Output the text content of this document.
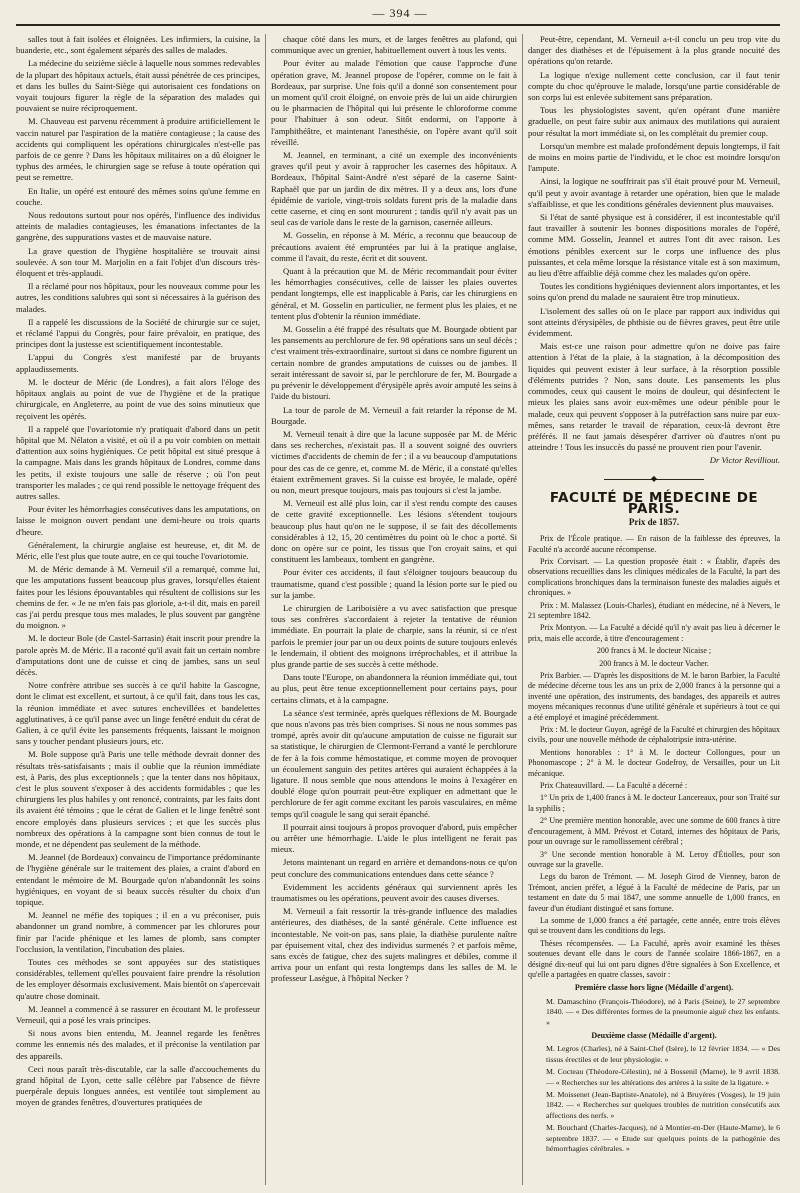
— 394 —

salles tout à fait isolées et éloignées. Les infirmiers, la cuisine, la buanderie, etc., sont également séparés des salles de malades.

La médecine du seizième siècle à laquelle nous sommes redevables de la plupart des hôpitaux actuels, était aussi pénétrée de ces principes, et dans les bulles du Saint-Siège qui autorisaient ces fondations on voyait toujours figurer la règle de la séparation des malades qui pouvaient se nuire réciproquement.

M. Chauveau est parvenu récemment à produire artificiellement le vaccin naturel par l'aspiration de la matière contagieuse ; la cause des accidents qui compliquent les opérations chirurgicales n'est-elle pas parfois de ce genre ? Dans les hôpitaux militaires on a dû éloigner le typhus des armées, le chirurgien sage se refuse à toute opération qui peut se remettre.

En Italie, un opéré est entouré des mêmes soins qu'une femme en couche.

Nous redoutons surtout pour nos opérés, l'influence des individus atteints de maladies contagieuses, les émanations infectantes de la gangrène, des suppurations vastes et de mauvaise nature.

La grave question de l'hygiène hospitalière se trouvait ainsi soulevée. A son tour M. Marjolin en a fait l'objet d'un discours très-éloquent et très-applaudi.

Il a réclamé pour nos hôpitaux, pour les nouveaux comme pour les autres, les conditions salubres qui sont si nécessaires à la guérison des malades.

Il a rappelé les discussions de la Société de chirurgie sur ce sujet, et réclamé l'appui du Congrès, pour faire prévaloir, en pratique, des principes dont la justesse est scientifiquement incontestable.

L'appui du Congrès s'est manifesté par de bruyants applaudissements.

M. le docteur de Méric (de Londres), a fait alors l'éloge des hôpitaux anglais au point de vue de l'hygiène et de la pratique chirurgicale, en Angleterre, au point de vue des soins minutieux que reçoivent les opérés.

Il a rappelé que l'ovariotomie n'y pratiquait d'abord dans un petit hôpital que M. Nélaton a visité, et où il a pu voir combien on mettait d'attention aux soins hygiéniques. Ce petit hôpital est situé presque à la campagne. Mais dans les grands hôpitaux de Londres, comme dans les petits, il existe toujours une salle de réserve ; où l'on peut transporter les malades ; ce qui rend possible le nettoyage fréquent des autres salles.

Pour éviter les hémorrhagies consécutives dans les amputations, on laisse le moignon ouvert pendant une demi-heure ou trois quarts d'heure.

Généralement, la chirurgie anglaise est heureuse, et, dit M. de Méric, elle l'est plus que toute autre, en ce qui touche l'ovariotomie.

M. de Méric demande à M. Verneuil s'il a remarqué, comme lui, que les amputations fussent beaucoup plus graves, lorsqu'elles étaient faites pour les lésions épouvantables qui résultent de collisions sur les chemins de fer. « Je ne m'en fais pas gloriole, a-t-il dit, mais en pareil cas j'ai perdu presque tous mes malades, le plus souvent par gangrène du moignon. »

M. le docteur Bole (de Castel-Sarrasin) était inscrit pour prendre la parole après M. de Méric. Il a raconté qu'il avait fait un certain nombre d'amputations dont une de cuisse et cinq de jambes, sans un seul décès.

Notre confrère attribue ses succès à ce qu'il habite la Gascogne, dont le climat est excellent, et surtout, à ce qu'il fait, dans tous les cas, la réunion immédiate et avec sutures enchevillées et bandelettes agglutinatives, à ce qu'il panse avec un linge fenêtré enduit du cérat de Galien, à ce qu'il évite les pansements fréquents, laissant le moignon sans y toucher pendant plusieurs jours, etc.

M. Bole suppose qu'à Paris une telle méthode devrait donner des résultats très-satisfaisants ; mais il oublie que la réunion immédiate est, à Paris, des plus exceptionnels ; que la tenter dans nos hôpitaux, c'est le plus souvent s'exposer à des accidents formidables ; que les chirurgiens les plus habiles y ont renoncé, contraints, par les faits dont ils avaient été témoins ; que le cérat de Galien et le linge fenêtré sont encore employés dans plusieurs services ; et que les succès plus nombreux des opérations à la campagne sont bien connus de tout le monde, et ne dépendent pas seulement de la méthode.

M. Jeannel (de Bordeaux) convaincu de l'importance prédominante de l'hygiène générale sur le traitement des plaies, a craint d'abord en entendant le mémoire de M. Bourgade qu'on n'abandonnât les soins hygiéniques, en voyant de si beaux succès résulter du choix d'un topique.

M. Jeannel ne méfie des topiques ; il en a vu préconiser, puis abandonner un grand nombre, à commencer par les chlorures pour finir par l'acide phénique et les lames de plomb, sans compter l'occlusion, la ventilation, l'incubation des plaies.

Toutes ces méthodes se sont appuyées sur des statistiques considérables, tellement qu'elles pouvaient faire prendre la résolution de les employer désormais exclusivement. Mais bientôt on s'apercevait qu'autre chose dominait.

M. Jeannel a commencé à se rassurer en écoutant M. le professeur Verneuil, qui a posé les vrais principes.

Si nous avons bien entendu, M. Jeannel regarde les fenêtres comme les ennemis nés des malades, et il préconise la ventilation par des appareils.

Ceci nous paraît très-discutable, car la salle d'accouchements du grand hôpital de Lyon, cette salle célèbre par l'absence de fièvre puerpérale depuis longues années, est ventilée tout simplement au moyen de grandes fenêtres, d'ouvertures pratiquées de

chaque côté dans les murs, et de larges fenêtres au plafond, qui communique avec un grenier, habituellement ouvert à tous les vents.

Pour éviter au malade l'émotion que cause l'approche d'une opération grave, M. Jeannel propose de l'opérer, comme on le fait à Bordeaux, par surprise. Une fois qu'il a donné son consentement pour un moment qu'il croit éloigné, on envoie près de lui un aide chirurgien ou le pharmacien de l'hôpital qui lui présente le chloroforme comme pour l'habituer à son odeur. Sitôt endormi, on l'apporte à l'amphithéâtre, et maintenant l'anesthésie, on l'opère avant qu'il soit réveillé.

M. Jeannel, en terminant, a cité un exemple des inconvénients graves qu'il peut y avoir à rapprocher les casernes des hôpitaux. A Bordeaux, l'hôpital Saint-André n'est séparé de la caserne Saint-Raphaël que par un jardin de dix mètres. Il y a deux ans, lors d'une épidémie de variole, vingt-trois soldats furent pris de la maladie dans cette caserne, et cinq en sont moururent ; tandis qu'il n'y avait pas un seul cas de variole dans le reste de la garnison, casernée ailleurs.

M. Gosselin, en réponse à M. Méric, a reconnu que beaucoup de précautions avaient été empruntées par lui à la pratique anglaise, comme il l'avait, du reste, écrit et dit souvent.

Quant à la précaution que M. de Méric recommandait pour éviter les hémorrhagies consécutives, celle de laisser les plaies ouvertes pendant longtemps, elle est inapplicable à Paris, car les chirurgiens en général, et M. Gosselin en particulier, ne ferment plus les plaies, et ne tentent plus d'obtenir la réunion immédiate.

M. Gosselin a été frappé des résultats que M. Bourgade obtient par les pansements au perchlorure de fer. 98 opérations sans un seul décès ; c'est vraiment très-extraordinaire, surtout si dans ce nombre figurent un certain nombre de grandes amputations de cuisses ou de jambes. Il serait intéressant de savoir si, par le perchlorure de fer, M. Bourgade a pu prévenir le développement d'érysipèle après avoir amputé les seins à l'aide du bistouri.

La tour de parole de M. Verneuil a fait retarder la réponse de M. Bourgade.

M. Verneuil tenait à dire que la lacune supposée par M. de Méric dans ses recherches, n'existait pas. Il a souvent soigné des ouvriers victimes d'accidents de chemin de fer ; il a vu beaucoup d'amputations pour des cas de ce genre, et, comme M. de Méric, il a constaté qu'elles étaient extrêmement graves. Si la cuisse est broyée, le malade, opéré ou non, meurt presque toujours, mais pas toujours si c'est la jambe.

M. Verneuil est allé plus loin, car il s'est rendu compte des causes de cette gravité exceptionnelle. Les lésions s'étendent toujours beaucoup plus haut qu'on ne le suppose, il se fait des décollements considérables à 12, 15, 20 centimètres du point où le choc a porté. Si donc on opère sur ce point, les tissus que l'on croyait sains, et qui constituent les lambeaux, tombent en gangrène.

Pour éviter ces accidents, il faut s'éloigner toujours beaucoup du traumatisme, quand c'est possible ; quand la lésion porte sur le pied ou sur la jambe.

Le chirurgien de Lariboisière a vu avec satisfaction que presque tous ses confrères s'accordaient à rejeter la tentative de réunion immédiate. En pourrait la plaie de charpie, sans la réunir, si ce n'est parfois le premier jour par un ou deux points de suture toujours enlevés le lendemain, il obtient des moignons irréprochables, et il attribue la plus grande partie de ses succès à cette méthode.

Dans toute l'Europe, on abandonnera la réunion immédiate qui, tout au plus, peut être tenue exceptionnellement pour certains pays, pour certains climats, et à la campagne.

La séance s'est terminée, après quelques réflexions de M. Bourgade que nous n'avons pas très bien comprises. Si nous ne nous sommes pas trompé, après avoir dit qu'aucune amputation de cuisse ne figurait sur sa statistique, le chirurgien de Clermont-Ferrand a vanté le perchlorure de fer à la fois comme hémostatique, et comme moyen de provoquer un écoulement sanguin des petites artères qui auraient échappées à la ligature. Il nous semble que nous attendons le moins à l'exagérer en doublé éloge qu'on pourrait peut-être expliquer en admettant que le perchlorure de fer agit comme excitant les parois vasculaires, en même temps qu'il coagule le sang qui serait épanché.

Il pourrait ainsi toujours à propos provoquer d'abord, puis empêcher ou arrêter une hémorrhagie. L'aide le plus intelligent ne ferait pas mieux.

Jetons maintenant un regard en arrière et demandons-nous ce qu'on peut conclure des communications entendues dans cette séance ?

Evidemment les accidents généraux qui surviennent après les traumatismes ou les opérations, peuvent avoir des causes diverses.

M. Verneuil a fait ressortir la très-grande influence des maladies antérieures, des diathèses, de la santé générale. Cette influence est incontestable. Ne voit-on pas, sans plaie, la diathèse purulente naître par épuisement vital, chez des individus surmenés ? et parfois même, sans excès de fatigue, chez des sujets malingres et débiles, comme il arriva pour un enfant qui resta longtemps dans les salles de M. le professeur Laségue, à l'hôpital Necker ?

Peut-être, cependant, M. Verneuil a-t-il conclu un peu trop vite du danger des diathèses et de l'épuisement à la plus grande nocuité des opérations qu'on retarde.

La logique n'exige nullement cette conclusion, car il faut tenir compte du choc qu'éprouve le malade, lorsqu'une partie considérable de son corps lui est enlevée subitement sans préparation.

Tous les physiologistes savent, qu'en opérant d'une manière graduelle, on peut faire subir aux animaux des mutilations qui auraient pour résultat la mort immédiate si, on les complétait du premier coup.

Lorsqu'un membre est malade profondément depuis longtemps, il fait de moins en moins partie de l'individu, et le choc est moindre lorsqu'on l'ampute.

Ainsi, la logique ne souffrirait pas s'il était prouvé pour M. Verneuil, qu'il peut y avoir avantage à retarder une opération, bien que le malade s'affaiblisse, et que les conditions générales deviennent plus mauvaises.

Si l'état de santé physique est à considérer, il est incontestable qu'il faut travailler à soutenir les bonnes dispositions morales de l'opéré, comme MM. Gosselin, Jeannel et autres l'ont dit avec raison. Les émotions pénibles exercent sur le corps une influence des plus puissantes, et cela même lorsque la résistance vitale est à son maximum, au lieu d'être affaiblie déjà comme chez les malades qu'on opère.

Toutes les conditions hygiéniques deviennent alors importantes, et les soins qu'on prend du malade ne sauraient être trop minutieux.

L'isolement des salles où on le place par rapport aux individus qui sont atteints d'érysipèles, de phthisie ou de fièvres graves, peut être utile évidemment.

Mais est-ce une raison pour admettre qu'on ne doive pas faire attention à l'état de la plaie, à la stagnation, à la décomposition des liquides qui peuvent exister à leur surface, à la résorption possible d'éléments putrides ? Non, sans doute. Les pansements les plus commodes, ceux qui causent le moins de douleur, qui désinfectent le mieux les plaies sans avoir eux-mêmes une odeur pénible pour le malade, ceux qui peuvent s'opposer à la putréfaction sans nuire par eux-mêmes, sans retarder le travail de réparation, ceux-là devront être préférés. Il ne faut jamais désespérer d'arriver où d'autres n'ont pu atteindre ! Tous les insuccès du passé ne prouvent rien pour l'avenir.

Dr Victor Revilliout.

◆
FACULTÉ DE MÉDECINE DE PARIS.
Prix de 1857.

Prix de l'École pratique. — En raison de la faiblesse des épreuves, la Faculté n'a accordé aucune récompense.

Prix Corvisart. — La question proposée était : « Établir, d'après des observations recueillies dans les cliniques médicales de la Faculté, la part des complications bronchiques dans la terminaison funeste des maladies aiguës et chroniques. »

Prix : M. Malassez (Louis-Charles), étudiant en médecine, né à Nevers, le 21 septembre 1842.

Prix Montyon. — La Faculté a décidé qu'il n'y avait pas lieu à décerner le prix, mais elle accorde, à titre d'encouragement :

200 francs à M. le docteur Nicaise ;

200 francs à M. le docteur Vacher.

Prix Barbier. — D'après les dispositions de M. le baron Barbier, la Faculté de médecine décerne tous les ans un prix de 2,000 francs à la personne qui a inventé une opération, des instruments, des bandages, des appareils et autres moyens mécaniques reconnus d'une utilité générale et supérieurs à tout ce qui a été employé et imaginé précédemment.

Prix : M. le docteur Guyon, agrégé de la Faculté et chirurgien des hôpitaux civils, pour une nouvelle méthode de céphalotripsie intra-utérine.

Mentions honorables : 1° à M. le docteur Collongues, pour un Phonomascope ; 2° à M. le docteur Godefroy, de Versailles, pour un Lit mécanique.

Prix Chateauvillard. — La Faculté a décerné :

1° Un prix de 1,400 francs à M. le docteur Lancereaux, pour son Traité sur la syphilis ;

2° Une première mention honorable, avec une somme de 600 francs à titre d'encouragement, à MM. Prévost et Cotard, internes des hôpitaux de Paris, pour un ouvrage sur le ramollissement cérébral ;

3° Une seconde mention honorable à M. Leroy d'Étiolles, pour son ouvrage sur la gravelle.

Legs du baron de Trémont. — M. Joseph Girod de Vienney, baron de Trémont, ancien préfet, a légué à la Faculté de médecine de Paris, par un testament en date du 5 mai 1847, une somme annuelle de 1,000 francs, en faveur d'un étudiant distingué et sans fortune.

La somme de 1,000 francs a été partagée, cette année, entre trois élèves qui se trouvent dans les conditions du legs.

Thèses récompensées. — La Faculté, après avoir examiné les thèses soutenues devant elle dans le cours de l'année scolaire 1866-1867, en a désigné dix-neuf qui lui ont paru dignes d'être signalées à Son Excellence, et qu'elle a partagées en quatre classes, savoir :

Première classe hors ligne (Médaille d'argent).

M. Damaschino (François-Théodore), né à Paris (Seine), le 27 septembre 1840. — « Des différentes formes de la pneumonie aiguë chez les enfants. »

Deuxième classe (Médaille d'argent).

M. Legros (Charles), né à Saint-Chef (Isère), le 12 février 1834. — « Des tissus érectiles et de leur physiologie. »

M. Cocteau (Théodore-Célestin), né à Bossenil (Marne), le 9 avril 1838. — « Recherches sur les altérations des artères à la suite de la ligature. »

M. Moissenet (Jean-Baptiste-Anatole), né à Bruyères (Vosges), le 19 juin 1842. — « Recherches sur quelques troubles de nutrition consécutifs aux affections des nerfs. »

M. Bouchard (Charles-Jacques), né à Montier-en-Der (Haute-Marne), le 6 septembre 1837. — « Etude sur quelques points de la pathogénie des hémorrhagies cérébrales. »
